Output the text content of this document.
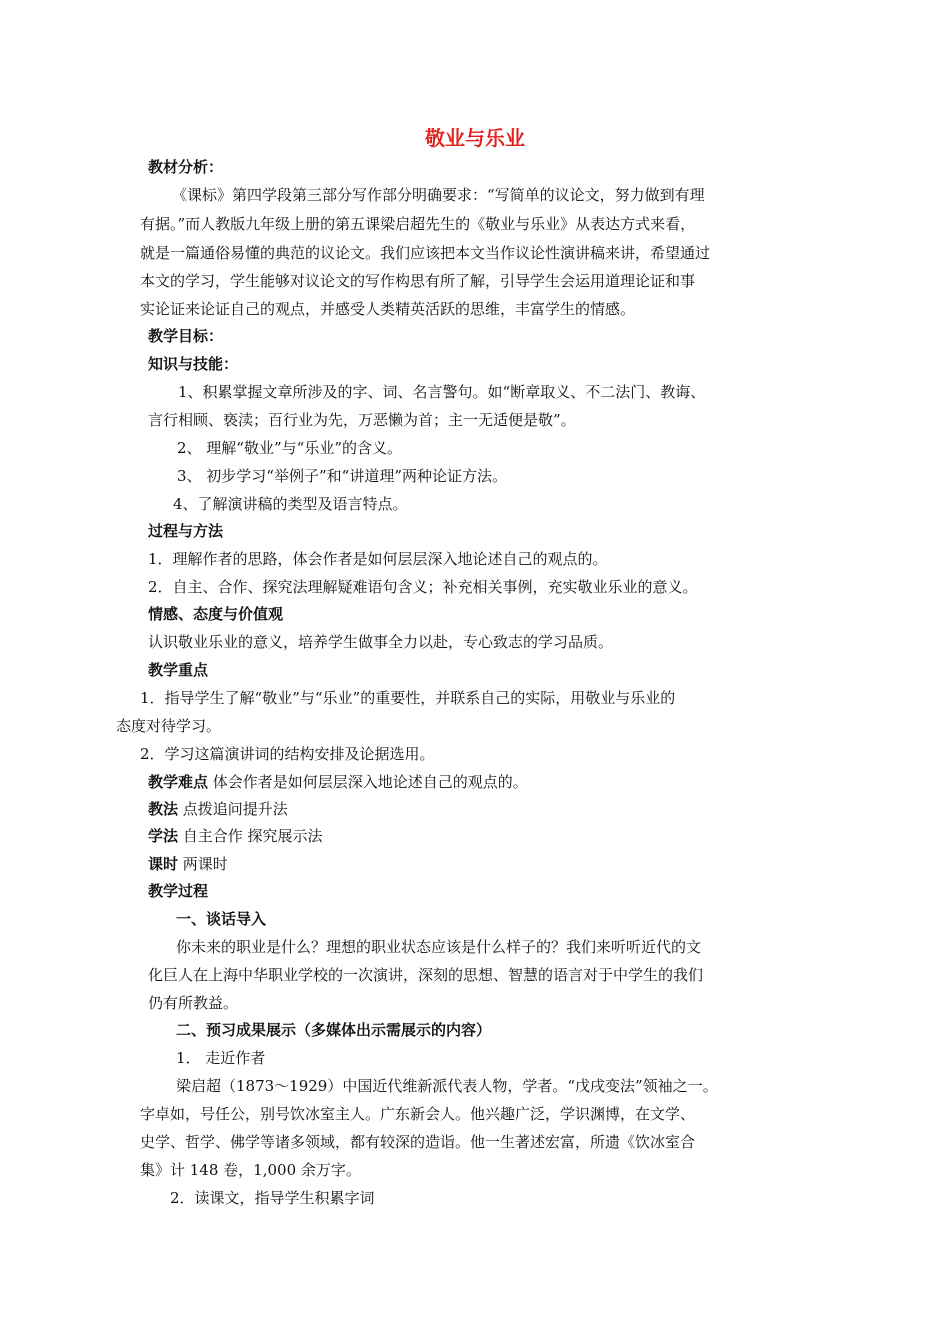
敬业与乐业
教材分析：
《课标》第四学段第三部分写作部分明确要求：“写简单的议论文，努力做到有理
有据。”而人教版九年级上册的第五课梁启超先生的《敬业与乐业》从表达方式来看，
就是一篇通俗易懂的典范的议论文。我们应该把本文当作议论性演讲稿来讲，希望通过
本文的学习，学生能够对议论文的写作构思有所了解，引导学生会运用道理论证和事
实论证来论证自己的观点，并感受人类精英活跃的思维，丰富学生的情感。
教学目标：
知识与技能：
1、积累掌握文章所涉及的字、词、名言警句。如“断章取义、不二法门、教诲、
言行相顾、亵渎；百行业为先，万恶懒为首；主一无适便是敬”。
2、 理解“敬业”与“乐业”的含义。
3、 初步学习“举例子”和“讲道理”两种论证方法。
4、了解演讲稿的类型及语言特点。
过程与方法
1．理解作者的思路，体会作者是如何层层深入地论述自己的观点的。
2．自主、合作、探究法理解疑难语句含义；补充相关事例，充实敬业乐业的意义。
情感、态度与价值观
认识敬业乐业的意义，培养学生做事全力以赴，专心致志的学习品质。
教学重点
1．指导学生了解“敬业”与“乐业”的重要性，并联系自己的实际，用敬业与乐业的
态度对待学习。
2．学习这篇演讲词的结构安排及论据选用。
教学难点 体会作者是如何层层深入地论述自己的观点的。
教法 点拨追问提升法
学法 自主合作 探究展示法
课时 两课时
教学过程
一、谈话导入
你未来的职业是什么？理想的职业状态应该是什么样子的？我们来听听近代的文
化巨人在上海中华职业学校的一次演讲，深刻的思想、智慧的语言对于中学生的我们
仍有所教益。
二、预习成果展示（多媒体出示需展示的内容）
1． 走近作者
梁启超（1873～1929）中国近代维新派代表人物，学者。“戊戌变法”领袖之一。
字卓如，号任公，别号饮冰室主人。广东新会人。他兴趣广泛，学识渊博，在文学、
史学、哲学、佛学等诸多领域，都有较深的造诣。他一生著述宏富，所遗《饮冰室合
集》计 148 卷，1,000 余万字。
2．读课文，指导学生积累字词
